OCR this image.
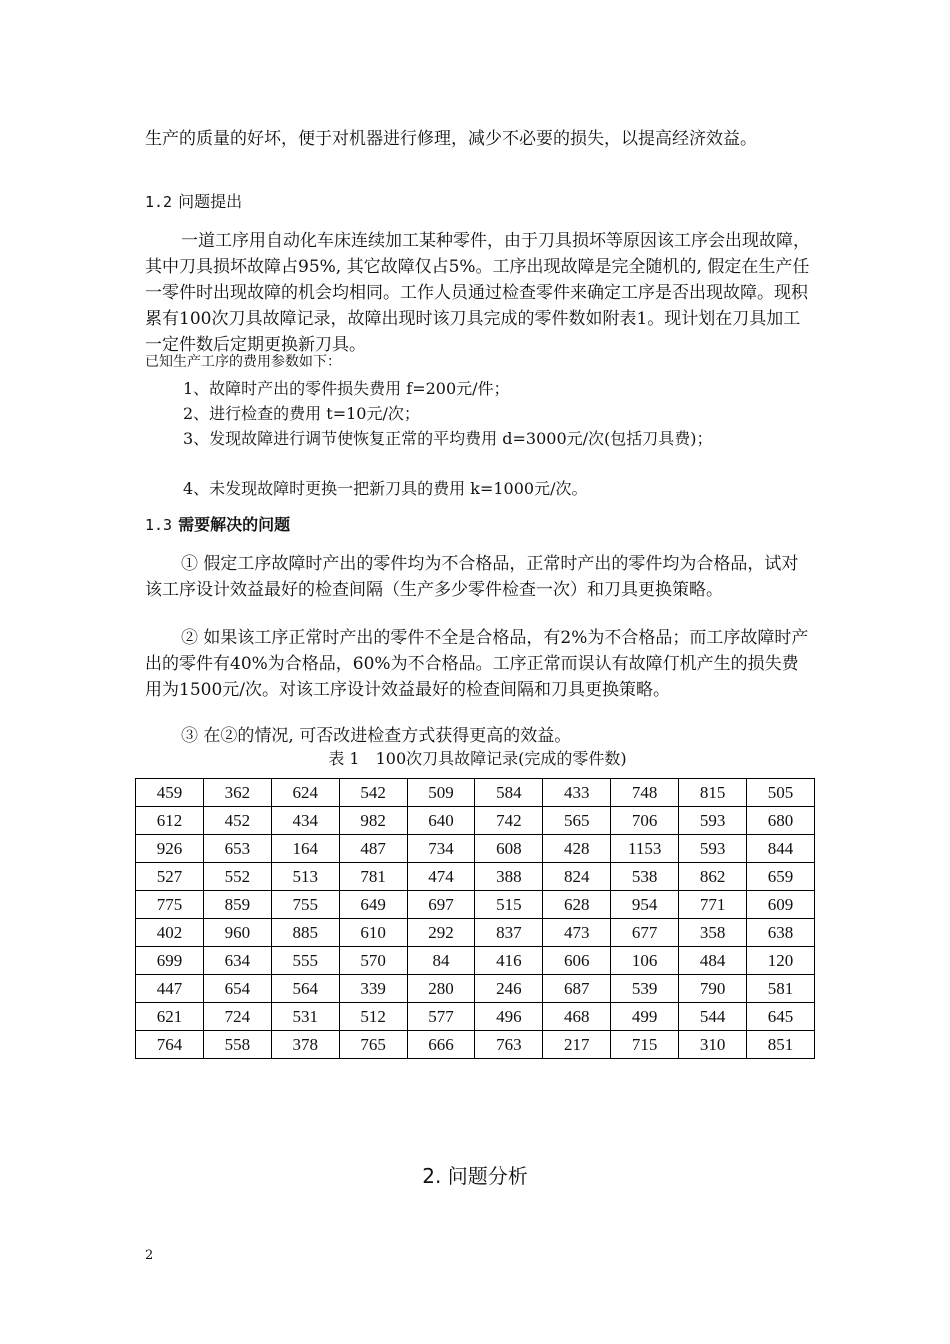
生产的质量的好坏，便于对机器进行修理，减少不必要的损失，以提高经济效益。

1.2 问题提出

一道工序用自动化车床连续加工某种零件，由于刀具损坏等原因该工序会出现故障，其中刀具损坏故障占95%, 其它故障仅占5%。工序出现故障是完全随机的, 假定在生产任一零件时出现故障的机会均相同。工作人员通过检查零件来确定工序是否出现故障。现积累有100次刀具故障记录，故障出现时该刀具完成的零件数如附表1。现计划在刀具加工一定件数后定期更换新刀具。

已知生产工序的费用参数如下：

1、故障时产出的零件损失费用 f=200元/件；

2、进行检查的费用 t=10元/次；

3、发现故障进行调节使恢复正常的平均费用 d=3000元/次(包括刀具费)；

4、未发现故障时更换一把新刀具的费用 k=1000元/次。

1.3 需要解决的问题

① 假定工序故障时产出的零件均为不合格品，正常时产出的零件均为合格品，试对该工序设计效益最好的检查间隔（生产多少零件检查一次）和刀具更换策略。

② 如果该工序正常时产出的零件不全是合格品，有2%为不合格品；而工序故障时产出的零件有40%为合格品，60%为不合格品。工序正常而误认有故障仃机产生的损失费用为1500元/次。对该工序设计效益最好的检查间隔和刀具更换策略。

③ 在②的情况, 可否改进检查方式获得更高的效益。

表 1　100次刀具故障记录(完成的零件数)

459	362	624	542	509	584	433	748	815	505
612	452	434	982	640	742	565	706	593	680
926	653	164	487	734	608	428	1153	593	844
527	552	513	781	474	388	824	538	862	659
775	859	755	649	697	515	628	954	771	609
402	960	885	610	292	837	473	677	358	638
699	634	555	570	84	416	606	106	484	120
447	654	564	339	280	246	687	539	790	581
621	724	531	512	577	496	468	499	544	645
764	558	378	765	666	763	217	715	310	851

2. 问题分析

2
